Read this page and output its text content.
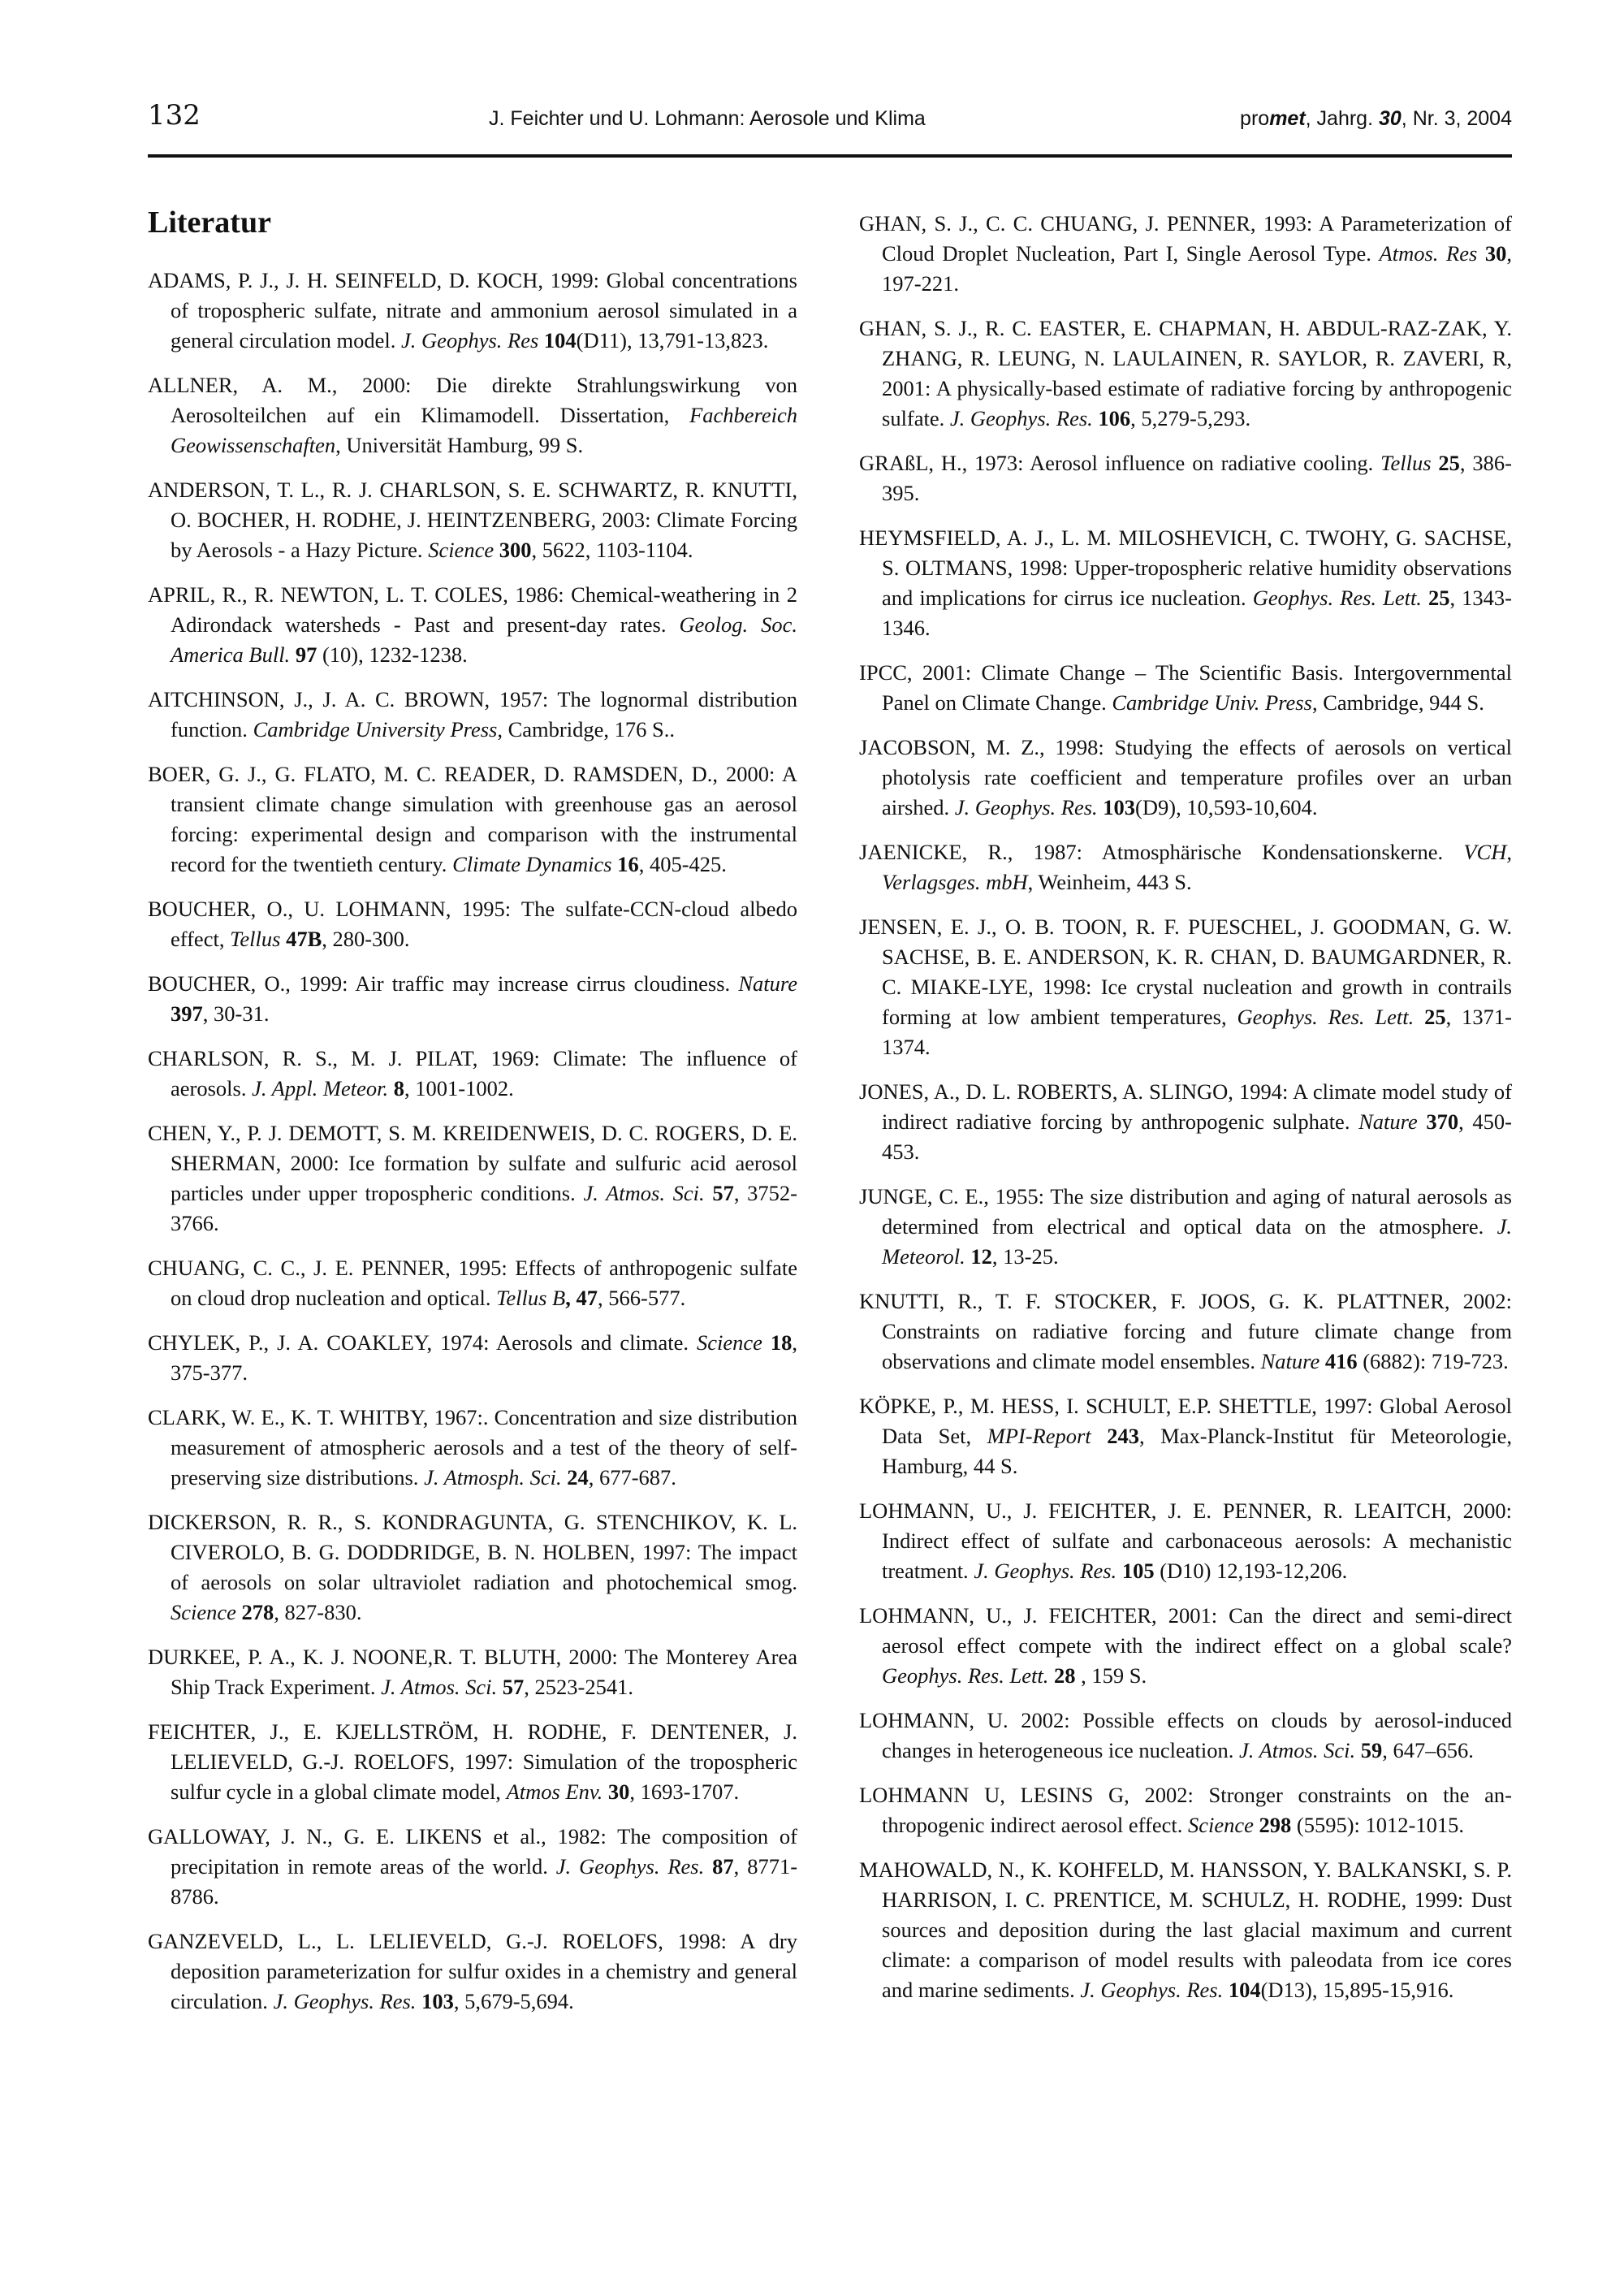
132	J. Feichter und U. Lohmann: Aerosole und Klima	promet, Jahrg. 30, Nr. 3, 2004
Literatur

ADAMS, P. J., J. H. SEINFELD, D. KOCH, 1999: Global concentrations of tropospheric sulfate, nitrate and ammonium aerosol simulated in a general circulation model. J. Geophys. Res 104(D11), 13,791-13,823.

ALLNER, A. M., 2000: Die direkte Strahlungswirkung von Aerosolteilchen auf ein Klimamodell. Dissertation, Fachbereich Geowissenschaften, Universität Hamburg, 99 S.

ANDERSON, T. L., R. J. CHARLSON, S. E. SCHWARTZ, R. KNUTTI, O. BOCHER, H. RODHE, J. HEINTZENBERG, 2003: Climate Forcing by Aerosols - a Hazy Picture. Science 300, 5622, 1103-1104.

APRIL, R., R. NEWTON, L. T. COLES, 1986: Chemical-weathering in 2 Adirondack watersheds - Past and present-day rates. Geolog. Soc. America Bull. 97 (10), 1232-1238.

AITCHINSON, J., J. A. C. BROWN, 1957: The lognormal distribution function. Cambridge University Press, Cambridge, 176 S..

BOER, G. J., G. FLATO, M. C. READER, D. RAMSDEN, D., 2000: A transient climate change simulation with greenhouse gas an aerosol forcing: experimental design and comparison with the instrumental record for the twentieth century. Climate Dynamics 16, 405-425.

BOUCHER, O., U. LOHMANN, 1995: The sulfate-CCN-cloud albedo effect, Tellus 47B, 280-300.

BOUCHER, O., 1999: Air traffic may increase cirrus cloudiness. Nature 397, 30-31.

CHARLSON, R. S., M. J. PILAT, 1969: Climate: The influence of aerosols. J. Appl. Meteor. 8, 1001-1002.

CHEN, Y., P. J. DEMOTT, S. M. KREIDENWEIS, D. C. ROGERS, D. E. SHERMAN, 2000: Ice formation by sulfate and sulfuric acid aerosol particles under upper tropospheric conditions. J. Atmos. Sci. 57, 3752-3766.

CHUANG, C. C., J. E. PENNER, 1995: Effects of anthropogenic sulfate on cloud drop nucleation and optical. Tellus B, 47, 566-577.

CHYLEK, P., J. A. COAKLEY, 1974: Aerosols and climate. Science 18, 375-377.

CLARK, W. E., K. T. WHITBY, 1967:. Concentration and size distribution measurement of atmospheric aerosols and a test of the theory of self-preserving size distributions. J. Atmosph. Sci. 24, 677-687.

DICKERSON, R. R., S. KONDRAGUNTA, G. STENCHIKOV, K. L. CIVEROLO, B. G. DODDRIDGE, B. N. HOLBEN, 1997: The impact of aerosols on solar ultraviolet radiation and photochemical smog. Science 278, 827-830.

DURKEE, P. A., K. J. NOONE,R. T. BLUTH, 2000: The Monterey Area Ship Track Experiment. J. Atmos. Sci. 57, 2523-2541.

FEICHTER, J., E. KJELLSTRÖM, H. RODHE, F. DENTENER, J. LELIEVELD, G.-J. ROELOFS, 1997: Simulation of the tropospheric sulfur cycle in a global climate model, Atmos Env. 30, 1693-1707.

GALLOWAY, J. N., G. E. LIKENS et al., 1982: The composition of precipitation in remote areas of the world. J. Geophys. Res. 87, 8771-8786.

GANZEVELD, L., L. LELIEVELD, G.-J. ROELOFS, 1998: A dry deposition parameterization for sulfur oxides in a chemistry and general circulation. J. Geophys. Res. 103, 5,679-5,694.

GHAN, S. J., C. C. CHUANG, J. PENNER, 1993: A Parameterization of Cloud Droplet Nucleation, Part I, Single Aerosol Type. Atmos. Res 30, 197-221.

GHAN, S. J., R. C. EASTER, E. CHAPMAN, H. ABDUL-RAZ-ZAK, Y. ZHANG, R. LEUNG, N. LAULAINEN, R. SAYLOR, R. ZAVERI, R, 2001: A physically-based estimate of radiative forcing by anthropogenic sulfate. J. Geophys. Res. 106, 5,279-5,293.

GRAßL, H., 1973: Aerosol influence on radiative cooling. Tellus 25, 386-395.

HEYMSFIELD, A. J., L. M. MILOSHEVICH, C. TWOHY, G. SACHSE, S. OLTMANS, 1998: Upper-tropospheric relative humidity observations and implications for cirrus ice nucleation. Geophys. Res. Lett. 25, 1343-1346.

IPCC, 2001: Climate Change – The Scientific Basis. Intergovernmental Panel on Climate Change. Cambridge Univ. Press, Cambridge, 944 S.

JACOBSON, M. Z., 1998: Studying the effects of aerosols on vertical photolysis rate coefficient and temperature profiles over an urban airshed. J. Geophys. Res. 103(D9), 10,593-10,604.

JAENICKE, R., 1987: Atmosphärische Kondensationskerne. VCH, Verlagsges. mbH, Weinheim, 443 S.

JENSEN, E. J., O. B. TOON, R. F. PUESCHEL, J. GOODMAN, G. W. SACHSE, B. E. ANDERSON, K. R. CHAN, D. BAUMGARDNER, R. C. MIAKE-LYE, 1998: Ice crystal nucleation and growth in contrails forming at low ambient temperatures, Geophys. Res. Lett. 25, 1371-1374.

JONES, A., D. L. ROBERTS, A. SLINGO, 1994: A climate model study of indirect radiative forcing by anthropogenic sulphate. Nature 370, 450-453.

JUNGE, C. E., 1955: The size distribution and aging of natural aerosols as determined from electrical and optical data on the atmosphere. J. Meteorol. 12, 13-25.

KNUTTI, R., T. F. STOCKER, F. JOOS, G. K. PLATTNER, 2002: Constraints on radiative forcing and future climate change from observations and climate model ensembles. Nature 416 (6882): 719-723.

KÖPKE, P., M. HESS, I. SCHULT, E.P. SHETTLE, 1997: Global Aerosol Data Set, MPI-Report 243, Max-Planck-Institut für Meteorologie, Hamburg, 44 S.

LOHMANN, U., J. FEICHTER, J. E. PENNER, R. LEAITCH, 2000: Indirect effect of sulfate and carbonaceous aerosols: A mechanistic treatment. J. Geophys. Res. 105 (D10) 12,193-12,206.

LOHMANN, U., J. FEICHTER, 2001: Can the direct and semi-direct aerosol effect compete with the indirect effect on a global scale? Geophys. Res. Lett. 28 , 159 S.

LOHMANN, U. 2002: Possible effects on clouds by aerosol-induced changes in heterogeneous ice nucleation. J. Atmos. Sci. 59, 647–656.

LOHMANN U, LESINS G, 2002: Stronger constraints on the anthropogenic indirect aerosol effect. Science 298 (5595): 1012-1015.

MAHOWALD, N., K. KOHFELD, M. HANSSON, Y. BALKANSKI, S. P. HARRISON, I. C. PRENTICE, M. SCHULZ, H. RODHE, 1999: Dust sources and deposition during the last glacial maximum and current climate: a comparison of model results with paleodata from ice cores and marine sediments. J. Geophys. Res. 104(D13), 15,895-15,916.
